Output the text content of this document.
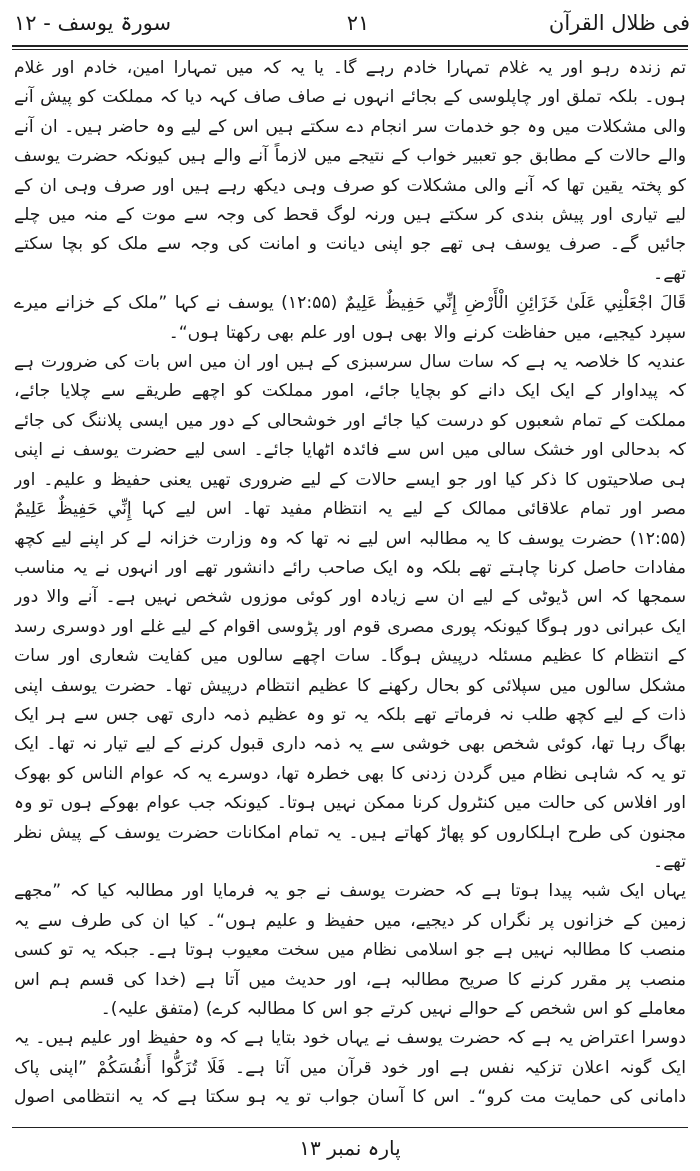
فی ظلال القرآن
۲۱
سورۃ یوسف - ۱۲

تم زندہ رہو اور یہ غلام تمہارا خادم رہے گا۔ یا یہ کہ میں تمہارا امین، خادم اور غلام ہوں۔ بلکہ تملق اور چاپلوسی کے بجائے انہوں نے صاف صاف کہہ دیا کہ مملکت کو پیش آنے والی مشکلات میں وہ جو خدمات سر انجام دے سکتے ہیں اس کے لیے وہ حاضر ہیں۔ ان آنے والے حالات کے مطابق جو تعبیر خواب کے نتیجے میں لازماً آنے والے ہیں کیونکہ حضرت یوسف کو پختہ یقین تھا کہ آنے والی مشکلات کو صرف وہی دیکھ رہے ہیں اور صرف وہی ان کے لیے تیاری اور پیش بندی کر سکتے ہیں ورنہ لوگ قحط کی وجہ سے موت کے منہ میں چلے جائیں گے۔ صرف یوسف ہی تھے جو اپنی دیانت و امانت کی وجہ سے ملک کو بچا سکتے تھے۔

قَالَ اجْعَلْنِي عَلَىٰ خَزَائِنِ الْأَرْضِ إِنِّي حَفِيظٌ عَلِيمٌ (۱۲:۵۵) یوسف نے کہا ”ملک کے خزانے میرے سپرد کیجیے، میں حفاظت کرنے والا بھی ہوں اور علم بھی رکھتا ہوں“۔

عندیہ کا خلاصہ یہ ہے کہ سات سال سرسبزی کے ہیں اور ان میں اس بات کی ضرورت ہے کہ پیداوار کے ایک ایک دانے کو بچایا جائے، امور مملکت کو اچھے طریقے سے چلایا جائے، مملکت کے تمام شعبوں کو درست کیا جائے اور خوشحالی کے دور میں ایسی پلاننگ کی جائے کہ بدحالی اور خشک سالی میں اس سے فائدہ اٹھایا جائے۔ اسی لیے حضرت یوسف نے اپنی ہی صلاحیتوں کا ذکر کیا اور جو ایسے حالات کے لیے ضروری تھیں یعنی حفیظ و علیم۔ اور مصر اور تمام علاقائی ممالک کے لیے یہ انتظام مفید تھا۔ اس لیے کہا إِنِّي حَفِيظٌ عَلِيمٌ (۱۲:۵۵) حضرت یوسف کا یہ مطالبہ اس لیے نہ تھا کہ وہ وزارت خزانہ لے کر اپنے لیے کچھ مفادات حاصل کرنا چاہتے تھے بلکہ وہ ایک صاحب رائے دانشور تھے اور انہوں نے یہ مناسب سمجھا کہ اس ڈیوٹی کے لیے ان سے زیادہ اور کوئی موزوں شخص نہیں ہے۔ آنے والا دور ایک عبرانی دور ہوگا کیونکہ پوری مصری قوم اور پڑوسی اقوام کے لیے غلے اور دوسری رسد کے انتظام کا عظیم مسئلہ درپیش ہوگا۔ سات اچھے سالوں میں کفایت شعاری اور سات مشکل سالوں میں سپلائی کو بحال رکھنے کا عظیم انتظام درپیش تھا۔ حضرت یوسف اپنی ذات کے لیے کچھ طلب نہ فرماتے تھے بلکہ یہ تو وہ عظیم ذمہ داری تھی جس سے ہر ایک بھاگ رہا تھا، کوئی شخص بھی خوشی سے یہ ذمہ داری قبول کرنے کے لیے تیار نہ تھا۔ ایک تو یہ کہ شاہی نظام میں گردن زدنی کا بھی خطرہ تھا، دوسرے یہ کہ عوام الناس کو بھوک اور افلاس کی حالت میں کنٹرول کرنا ممکن نہیں ہوتا۔ کیونکہ جب عوام بھوکے ہوں تو وہ مجنون کی طرح اہلکاروں کو پھاڑ کھاتے ہیں۔ یہ تمام امکانات حضرت یوسف کے پیش نظر تھے۔

یہاں ایک شبہ پیدا ہوتا ہے کہ حضرت یوسف نے جو یہ فرمایا اور مطالبہ کیا کہ ”مجھے زمین کے خزانوں پر نگراں کر دیجیے، میں حفیظ و علیم ہوں“۔ کیا ان کی طرف سے یہ منصب کا مطالبہ نہیں ہے جو اسلامی نظام میں سخت معیوب ہوتا ہے۔ جبکہ یہ تو کسی منصب پر مقرر کرنے کا صریح مطالبہ ہے، اور حدیث میں آتا ہے (خدا کی قسم ہم اس معاملے کو اس شخص کے حوالے نہیں کرتے جو اس کا مطالبہ کرے) (متفق علیہ)۔

دوسرا اعتراض یہ ہے کہ حضرت یوسف نے یہاں خود بتایا ہے کہ وہ حفیظ اور علیم ہیں۔ یہ ایک گونہ اعلان تزکیہ نفس ہے اور خود قرآن میں آتا ہے۔ فَلَا تُزَكُّوا أَنفُسَكُمْ ”اپنی پاک دامانی کی حمایت مت کرو“۔ اس کا آسان جواب تو یہ ہو سکتا ہے کہ یہ انتظامی اصول

پارہ نمبر ۱۳
